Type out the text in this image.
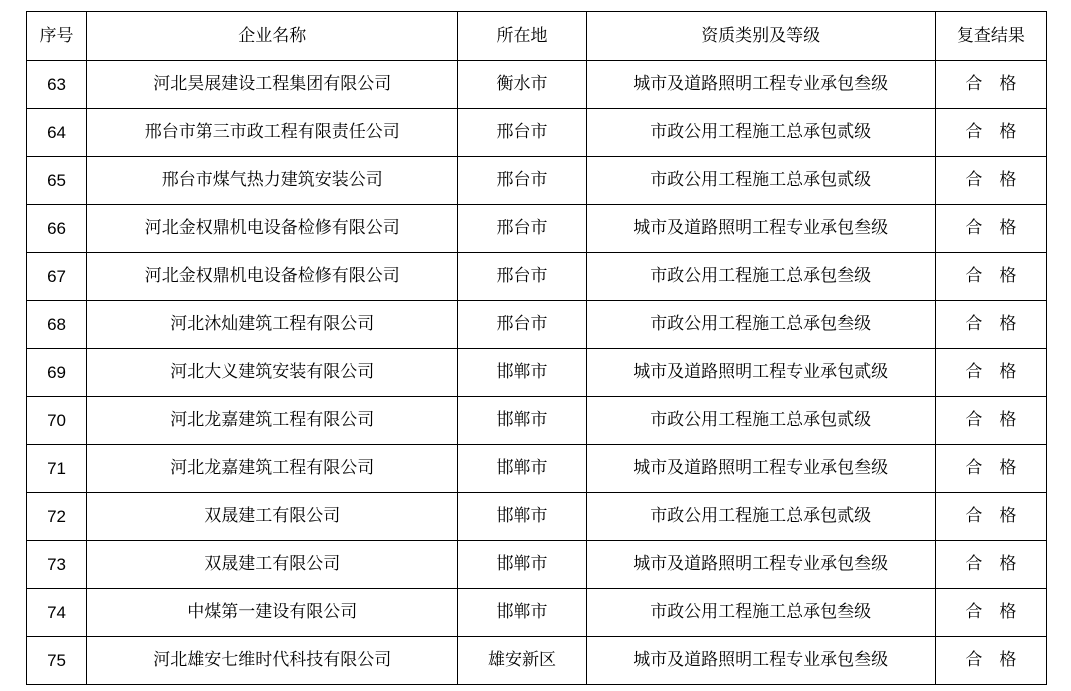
序号	企业名称	所在地	资质类别及等级	复查结果
63	河北昊展建设工程集团有限公司	衡水市	城市及道路照明工程专业承包叁级	合　格
64	邢台市第三市政工程有限责任公司	邢台市	市政公用工程施工总承包贰级	合　格
65	邢台市煤气热力建筑安装公司	邢台市	市政公用工程施工总承包贰级	合　格
66	河北金权鼎机电设备检修有限公司	邢台市	城市及道路照明工程专业承包叁级	合　格
67	河北金权鼎机电设备检修有限公司	邢台市	市政公用工程施工总承包叁级	合　格
68	河北沐灿建筑工程有限公司	邢台市	市政公用工程施工总承包叁级	合　格
69	河北大义建筑安装有限公司	邯郸市	城市及道路照明工程专业承包贰级	合　格
70	河北龙嘉建筑工程有限公司	邯郸市	市政公用工程施工总承包贰级	合　格
71	河北龙嘉建筑工程有限公司	邯郸市	城市及道路照明工程专业承包叁级	合　格
72	双晟建工有限公司	邯郸市	市政公用工程施工总承包贰级	合　格
73	双晟建工有限公司	邯郸市	城市及道路照明工程专业承包叁级	合　格
74	中煤第一建设有限公司	邯郸市	市政公用工程施工总承包叁级	合　格
75	河北雄安七维时代科技有限公司	雄安新区	城市及道路照明工程专业承包叁级	合　格
